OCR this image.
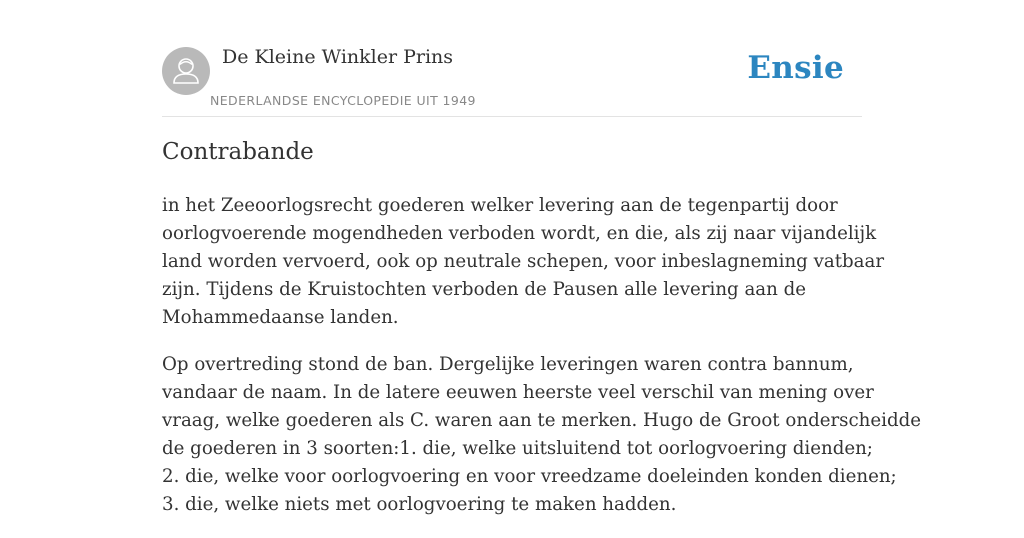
De Kleine Winkler Prins
NEDERLANDSE ENCYCLOPEDIE UIT 1949
Ensie
Contrabande

in het Zeeoorlogsrecht goederen welker levering aan de tegenpartij door
oorlogvoerende mogendheden verboden wordt, en die, als zij naar vijandelijk
land worden vervoerd, ook op neutrale schepen, voor inbeslagneming vatbaar
zijn. Tijdens de Kruistochten verboden de Pausen alle levering aan de
Mohammedaanse landen.

Op overtreding stond de ban. Dergelijke leveringen waren contra bannum,
vandaar de naam. In de latere eeuwen heerste veel verschil van mening over
vraag, welke goederen als C. waren aan te merken. Hugo de Groot onderscheidde
de goederen in 3 soorten:1. die, welke uitsluitend tot oorlogvoering dienden;
2. die, welke voor oorlogvoering en voor vreedzame doeleinden konden dienen;
3. die, welke niets met oorlogvoering te maken hadden.
